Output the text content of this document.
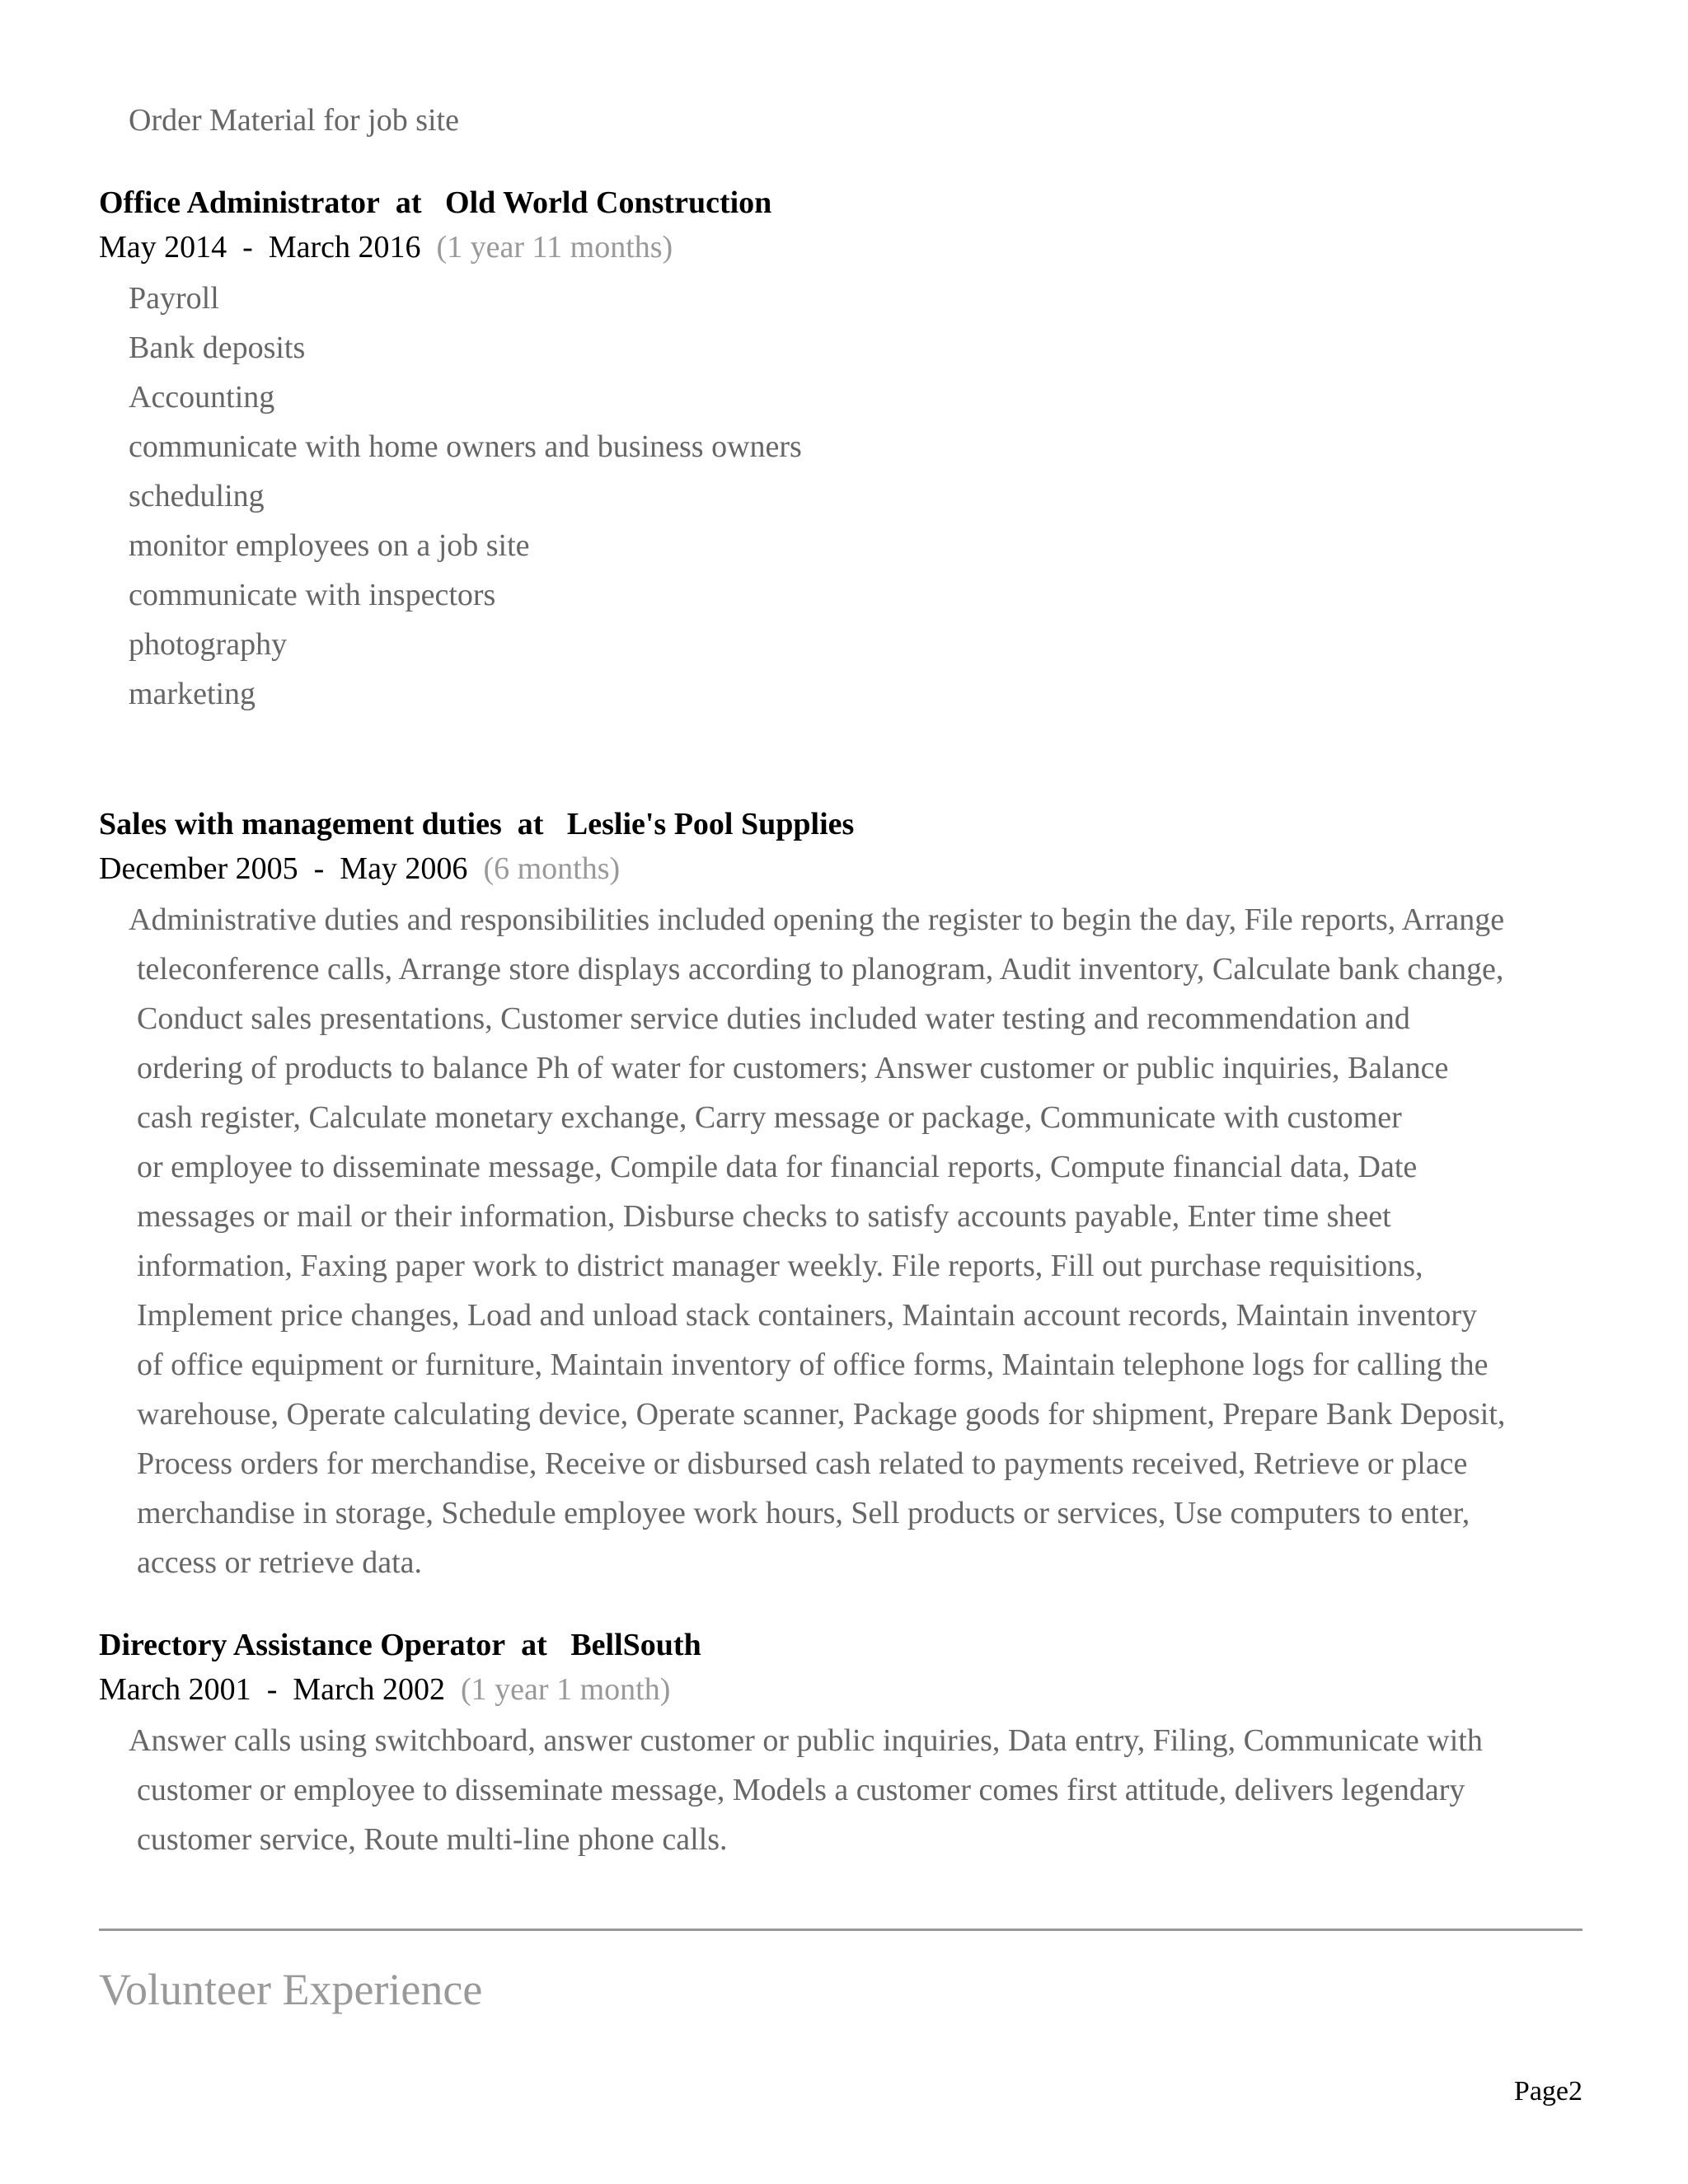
Order Material for job site
Office Administrator at Old World Construction
May 2014 - March 2016 (1 year 11 months)
Payroll
Bank deposits
Accounting
communicate with home owners and business owners
scheduling
monitor employees on a job site
communicate with inspectors
photography
marketing
Sales with management duties at Leslie's Pool Supplies
December 2005 - May 2006 (6 months)
Administrative duties and responsibilities included opening the register to begin the day, File reports, Arrange
teleconference calls, Arrange store displays according to planogram, Audit inventory, Calculate bank change,
Conduct sales presentations, Customer service duties included water testing and recommendation and
ordering of products to balance Ph of water for customers; Answer customer or public inquiries, Balance
cash register, Calculate monetary exchange, Carry message or package, Communicate with customer
or employee to disseminate message, Compile data for financial reports, Compute financial data, Date
messages or mail or their information, Disburse checks to satisfy accounts payable, Enter time sheet
information, Faxing paper work to district manager weekly. File reports, Fill out purchase requisitions,
Implement price changes, Load and unload stack containers, Maintain account records, Maintain inventory
of office equipment or furniture, Maintain inventory of office forms, Maintain telephone logs for calling the
warehouse, Operate calculating device, Operate scanner, Package goods for shipment, Prepare Bank Deposit,
Process orders for merchandise, Receive or disbursed cash related to payments received, Retrieve or place
merchandise in storage, Schedule employee work hours, Sell products or services, Use computers to enter,
access or retrieve data.
Directory Assistance Operator at BellSouth
March 2001 - March 2002 (1 year 1 month)
Answer calls using switchboard, answer customer or public inquiries, Data entry, Filing, Communicate with
customer or employee to disseminate message, Models a customer comes first attitude, delivers legendary
customer service, Route multi-line phone calls.
Volunteer Experience
Page2
